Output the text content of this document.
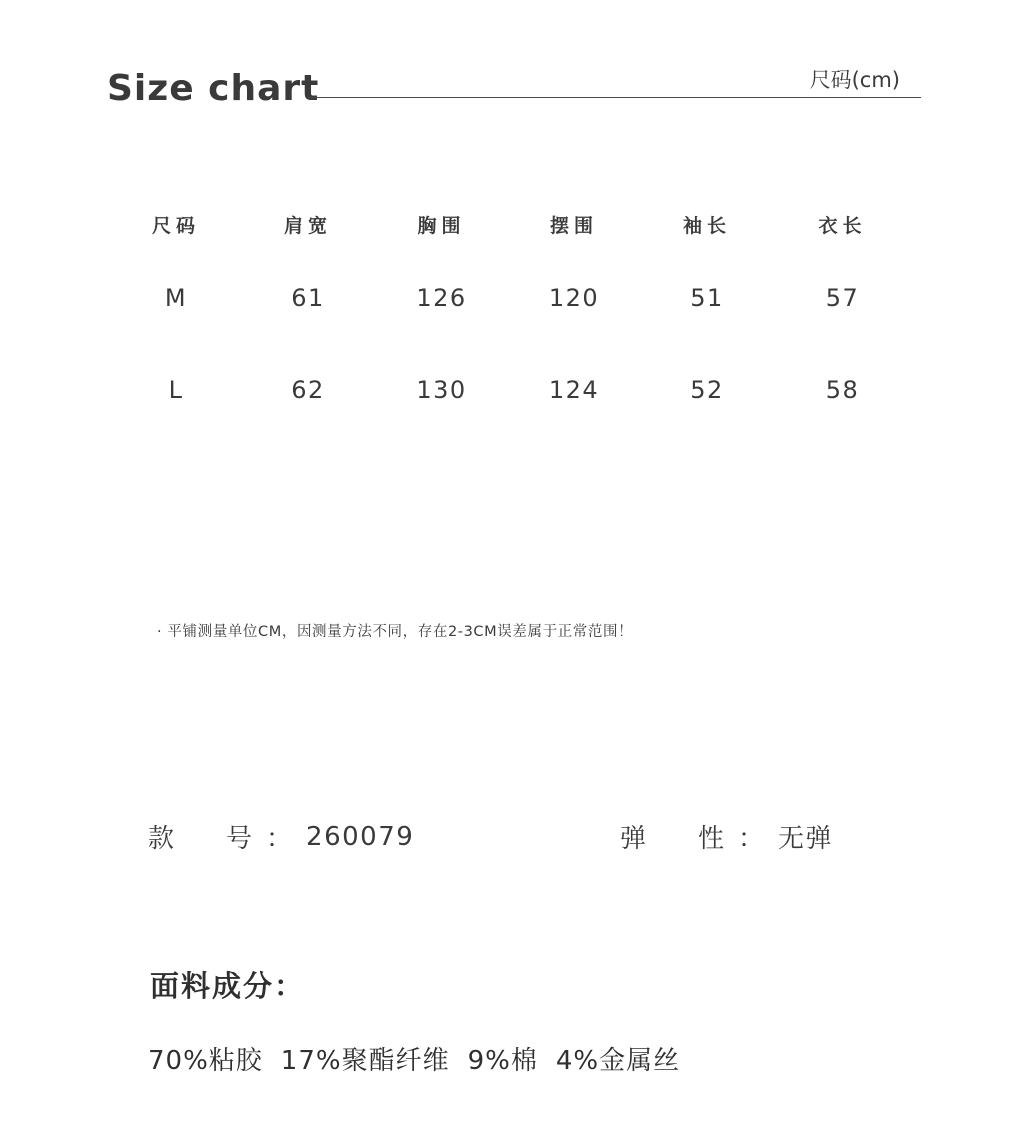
Size chart	尺码(cm)
尺码	肩宽	胸围	摆围	袖长	衣长
M	61	126	120	51	57
L	62	130	124	52	58
· 平铺测量单位CM，因测量方法不同，存在2-3CM误差属于正常范围！
款 号 ： 260079	弹 性 ： 无弹
面料成分：
70%粘胶 17%聚酯纤维 9%棉 4%金属丝
